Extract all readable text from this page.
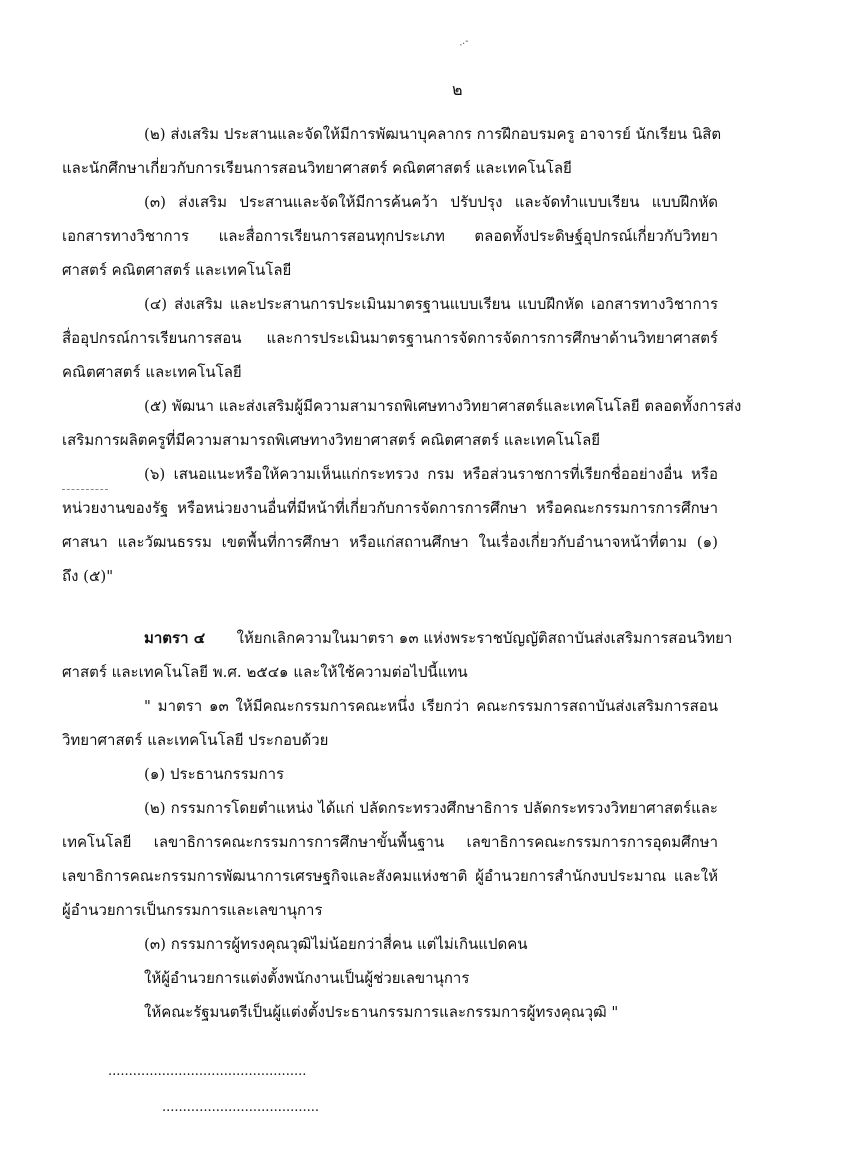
ฺ.-
๒
(๒) ส่งเสริม ประสานและจัดให้มีการพัฒนาบุคลากร การฝึกอบรมครู อาจารย์ นักเรียน นิสิต
และนักศึกษาเกี่ยวกับการเรียนการสอนวิทยาศาสตร์ คณิตศาสตร์ และเทคโนโลยี
(๓) ส่งเสริม ประสานและจัดให้มีการค้นคว้า ปรับปรุง และจัดทำแบบเรียน แบบฝึกหัด
เอกสารทางวิชาการ และสื่อการเรียนการสอนทุกประเภท ตลอดทั้งประดิษฐ์อุปกรณ์เกี่ยวกับวิทยา
ศาสตร์ คณิตศาสตร์ และเทคโนโลยี
(๔) ส่งเสริม และประสานการประเมินมาตรฐานแบบเรียน แบบฝึกหัด เอกสารทางวิชาการ
สื่ออุปกรณ์การเรียนการสอน และการประเมินมาตรฐานการจัดการจัดการการศึกษาด้านวิทยาศาสตร์
คณิตศาสตร์ และเทคโนโลยี
(๕) พัฒนา และส่งเสริมผู้มีความสามารถพิเศษทางวิทยาศาสตร์และเทคโนโลยี ตลอดทั้งการส่ง
เสริมการผลิตครูที่มีความสามารถพิเศษทางวิทยาศาสตร์ คณิตศาสตร์ และเทคโนโลยี
(๖) เสนอแนะหรือให้ความเห็นแก่กระทรวง กรม หรือส่วนราชการที่เรียกชื่ออย่างอื่น หรือ
หน่วยงานของรัฐ หรือหน่วยงานอื่นที่มีหน้าที่เกี่ยวกับการจัดการการศึกษา หรือคณะกรรมการการศึกษา
ศาสนา และวัฒนธรรม เขตพื้นที่การศึกษา หรือแก่สถานศึกษา ในเรื่องเกี่ยวกับอำนาจหน้าที่ตาม (๑)
ถึง (๕)"
มาตรา ๔ ให้ยกเลิกความในมาตรา ๑๓ แห่งพระราชบัญญัติสถาบันส่งเสริมการสอนวิทยา
ศาสตร์ และเทคโนโลยี พ.ศ. ๒๕๔๑ และให้ใช้ความต่อไปนี้แทน
" มาตรา ๑๓ ให้มีคณะกรรมการคณะหนึ่ง เรียกว่า คณะกรรมการสถาบันส่งเสริมการสอน
วิทยาศาสตร์ และเทคโนโลยี ประกอบด้วย
(๑) ประธานกรรมการ
(๒) กรรมการโดยตำแหน่ง ได้แก่ ปลัดกระทรวงศึกษาธิการ ปลัดกระทรวงวิทยาศาสตร์และ
เทคโนโลยี เลขาธิการคณะกรรมการการศึกษาขั้นพื้นฐาน เลขาธิการคณะกรรมการการอุดมศึกษา
เลขาธิการคณะกรรมการพัฒนาการเศรษฐกิจและสังคมแห่งชาติ ผู้อำนวยการสำนักงบประมาณ และให้
ผู้อำนวยการเป็นกรรมการและเลขานุการ
(๓) กรรมการผู้ทรงคุณวุฒิไม่น้อยกว่าสี่คน แต่ไม่เกินแปดคน
ให้ผู้อำนวยการแต่งตั้งพนักงานเป็นผู้ช่วยเลขานุการ
ให้คณะรัฐมนตรีเป็นผู้แต่งตั้งประธานกรรมการและกรรมการผู้ทรงคุณวุฒิ "
................................................
......................................
